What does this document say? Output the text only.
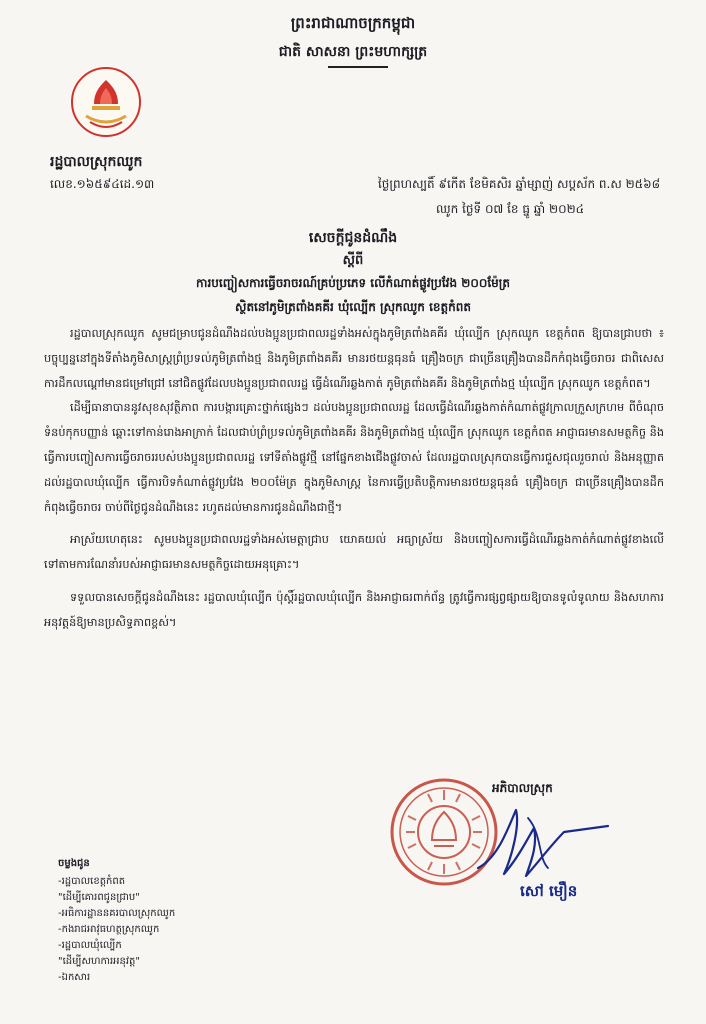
ព្រះរាជាណាចក្រកម្ពុជា
ជាតិ សាសនា ព្រះមហាក្សត្រ
រដ្ឋបាលស្រុកឈូក
លេខ.១៦៥៩៤ដេ.១៣	ថ្ងៃព្រហស្បតិ៍ ៩កើត ខែមិគសិរ ឆ្នាំម្សាញ់ សប្តស័ក ព.ស ២៥៦៨
ឈូក ថ្ងៃទី ០៧ ខែ ធ្នូ ឆ្នាំ ២០២៤
សេចក្ដីជូនដំណឹង
ស្ដីពី
ការបញ្ចៀសការធ្វើចរាចរណ៍គ្រប់ប្រភេទ លើកំណាត់ផ្លូវប្រវែង ២០០ម៉ែត្រ
ស្ថិតនៅភូមិត្រពាំងគគីរ ឃុំល្បើក ស្រុកឈូក ខេត្តកំពត

រដ្ឋបាលស្រុកឈូក សូមជម្រាបជូនដំណឹងដល់បងប្អូនប្រជាពលរដ្ឋទាំងអស់ក្នុងភូមិត្រពាំងគគីរ ឃុំល្បើក ស្រុកឈូក ខេត្តកំពត ឱ្យបានជ្រាបថា ៖ បច្ចុប្បន្ននៅក្នុងទីតាំងភូមិសាស្ត្រព្រំប្រទល់ភូមិត្រពាំងថ្ម និងភូមិត្រពាំងគគីរ មានរថយន្តធុនធំ គ្រឿងចក្រ ជាច្រើនគ្រឿងបានដឹកកំពុងធ្វើចរាចរ ជាពិសេសការដឹកលណ្ដៅមានជម្រៅជ្រៅ នៅជិតផ្លូវដែលបងប្អូនប្រជាពលរដ្ឋ ធ្វើដំណើរឆ្លងកាត់ ភូមិត្រពាំងគគីរ និងភូមិត្រពាំងថ្ម ឃុំល្បើក ស្រុកឈូក ខេត្តកំពត។

ដើម្បីធានាបាននូវសុខសុវត្ថិភាព ការបង្ការគ្រោះថ្នាក់ផ្សេងៗ ដល់បងប្អូនប្រជាពលរដ្ឋ ដែលធ្វើដំណើរឆ្លងកាត់កំណាត់ផ្លូវក្រាលក្រួសក្រហម ពីចំណុចទំនប់កុកបញ្ញាន់ ឆ្ពោះទៅកាន់រោងអាក្រាក់ ដែលជាប់ព្រំប្រទល់ភូមិត្រពាំងគគីរ និងភូមិត្រពាំងថ្ម ឃុំល្បើក ស្រុកឈូក ខេត្តកំពត អាជ្ញាធរមានសមត្ថកិច្ច និងធ្វើការបញ្ចៀសការធ្វើចរាចររបស់បងប្អូនប្រជាពលរដ្ឋ ទៅទីតាំងផ្លូវថ្មី នៅផ្នែកខាងជើងផ្លូវចាស់ ដែលរដ្ឋបាលស្រុកបានធ្វើការជួសជុលរួចរាល់ និងអនុញ្ញាតដល់រដ្ឋបាលឃុំល្បើក ធ្វើការបិទកំណាត់ផ្លូវប្រវែង ២០០ម៉ែត្រ ក្នុងភូមិសាស្ត្រ នៃការធ្វើប្រតិបត្តិការមានរថយន្តធុនធំ គ្រឿងចក្រ ជាច្រើនគ្រឿងបានដឹកកំពុងធ្វើចរាចរ ចាប់ពីថ្ងៃជូនដំណឹងនេះ រហូតដល់មានការជូនដំណឹងជាថ្មី។

អាស្រ័យហេតុនេះ សូមបងប្អូនប្រជាពលរដ្ឋទាំងអស់មេត្តាជ្រាប យោគយល់ អធ្យាស្រ័យ និងបញ្ចៀសការធ្វើដំណើរឆ្លងកាត់កំណាត់ផ្លូវខាងលើ ទៅតាមការណែនាំរបស់អាជ្ញាធរមានសមត្ថកិច្ចដោយអនុគ្រោះ។

ទទួលបានសេចក្ដីជូនដំណឹងនេះ រដ្ឋបាលឃុំល្បើក ប៉ុស្តិ៍រដ្ឋបាលឃុំល្បើក និងអាជ្ញាធរពាក់ព័ន្ធ ត្រូវធ្វើការផ្សព្វផ្សាយឱ្យបានទូលំទូលាយ និងសហការអនុវត្តន៍ឱ្យមានប្រសិទ្ធភាពខ្ពស់។

អភិបាលស្រុក
សៅ មឿន
ចម្លងជូន
-រដ្ឋបាលខេត្តកំពត
"ដើម្បីគោរពជូនជ្រាប"
-អធិការដ្ឋាននគរបាលស្រុកឈូក
-កងរាជអាវុធហត្ថស្រុកឈូក
-រដ្ឋបាលឃុំល្បើក
"ដើម្បីសហការអនុវត្ត"
-ឯកសារ
